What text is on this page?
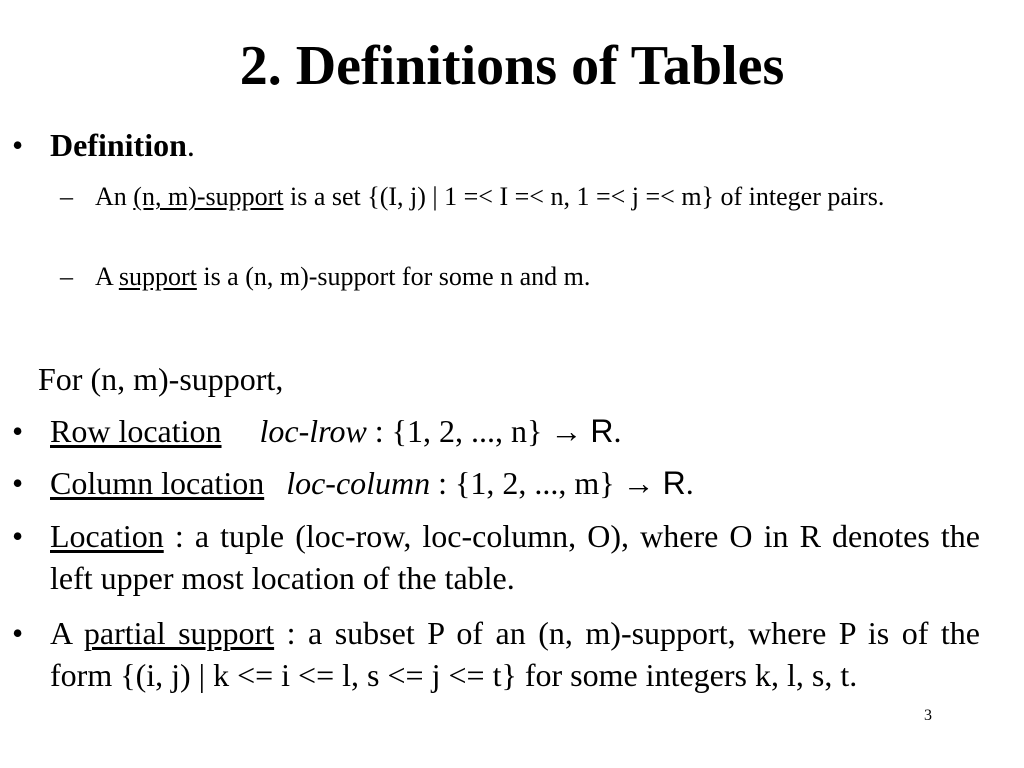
2. Definitions of Tables
• Definition.
– An (n, m)-support is a set {(I, j) | 1 =< I =< n, 1 =< j =< m} of integer pairs.
– A support is a (n, m)-support for some n and m.
For (n, m)-support,
• Row location loc-lrow : {1, 2, ..., n} → R.
• Column location loc-column : {1, 2, ..., m} → R.
• Location : a tuple (loc-row, loc-column, O), where O in R denotes the left upper most location of the table.
• A partial support : a subset P of an (n, m)-support, where P is of the form {(i, j) | k <= i <= l, s <= j <= t} for some integers k, l, s, t.
3
